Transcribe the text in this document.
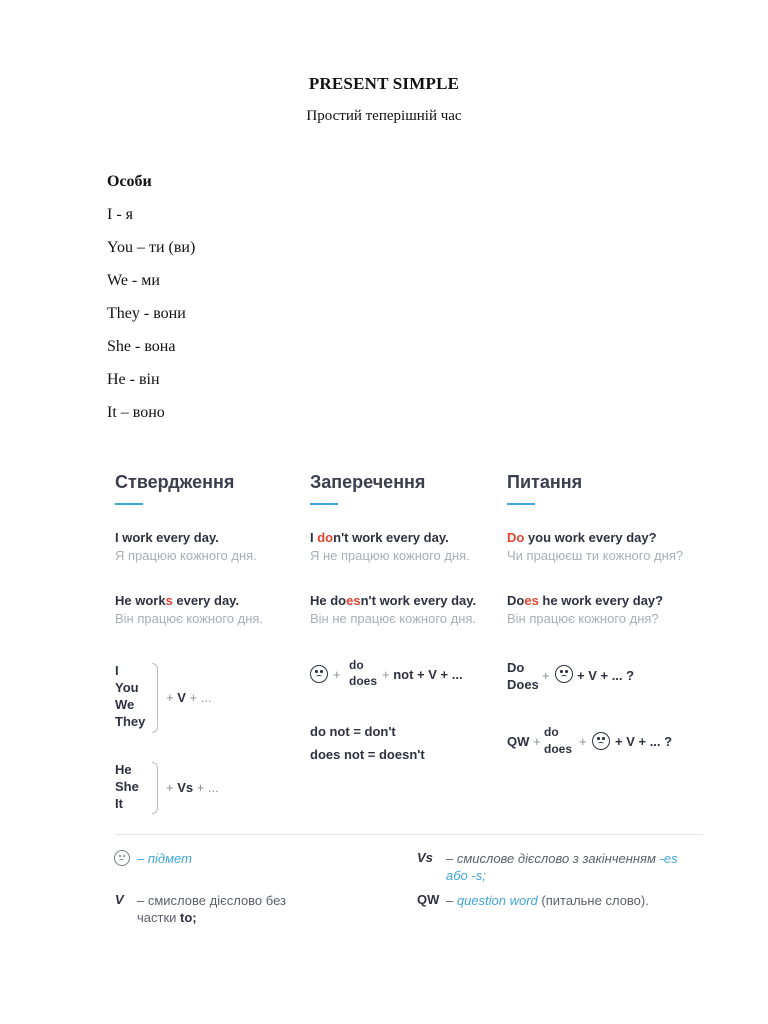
PRESENT SIMPLE
Простий теперішній час
Особи
I - я
You – ти (ви)
We - ми
They - вони
She - вона
He - він
It – воно
Ствердження
I work every day.
Я працюю кожного дня.
He works every day.
Він працює кожного дня.
I
You
We
They
+ V + ...
He
She
It
+ Vs + ...
Заперечення
I don't work every day.
Я не працюю кожного дня.
He doesn't work every day.
Він не працює кожного дня.
+
do
does + not + V + ...
do not = don't
does not = doesn't
Питання
Do you work every day?
Чи працюєш ти кожного дня?
Does he work every day?
Він працює кожного дня?
Do
Does
+ + V + ... ?
QW +
do
does + + V + ... ?
– підмет
V – смислове дієслово без
частки to;
Vs – смислове дієслово з закінченням -es
або -s;
QW – question word (питальне слово).
